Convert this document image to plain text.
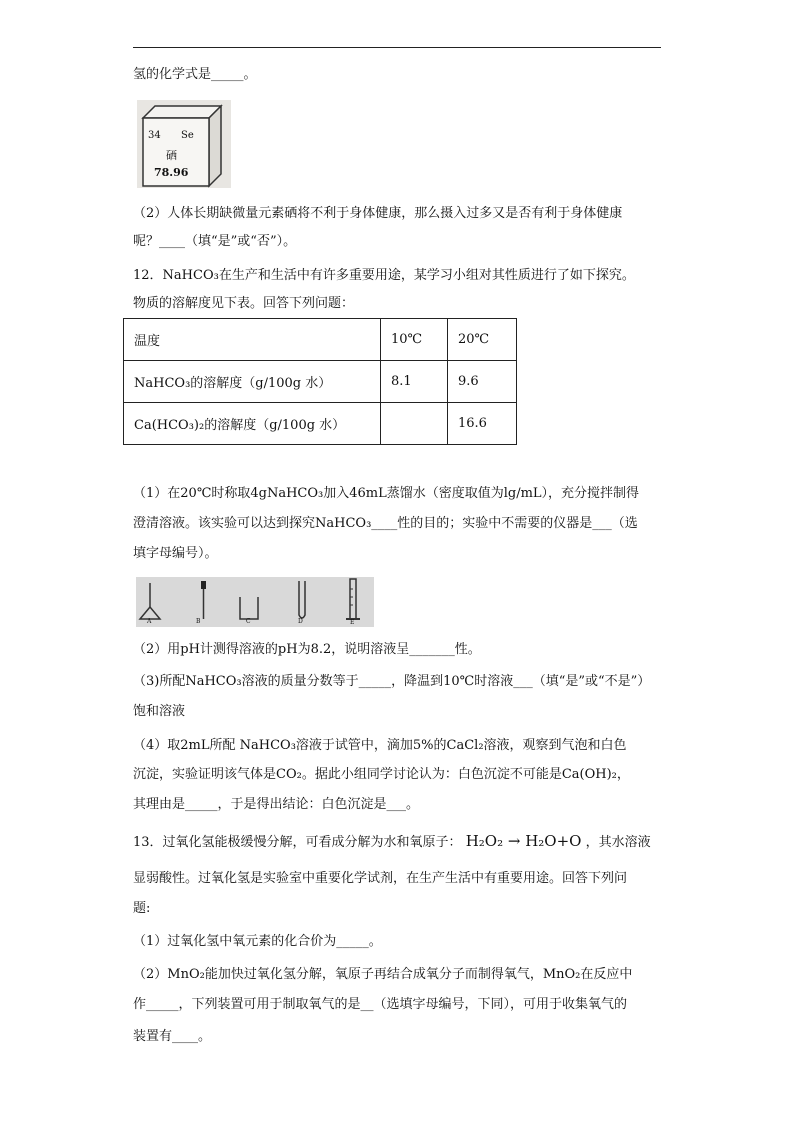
氢的化学式是_____。
34 Se
硒
78.96
（2）人体长期缺微量元素硒将不利于身体健康，那么摄入过多又是否有利于身体健康
呢？____（填“是”或“否”）。
12．NaHCO₃在生产和生活中有许多重要用途，某学习小组对其性质进行了如下探究。
物质的溶解度见下表。回答下列问题：
温度	10℃	20℃
NaHCO₃的溶解度（g/100g 水）	8.1	9.6
Ca(HCO₃)₂的溶解度（g/100g 水）		16.6
（1）在20℃时称取4gNaHCO₃加入46mL蒸馏水（密度取值为lg/mL），充分搅拌制得
澄清溶液。该实验可以达到探究NaHCO₃____性的目的；实验中不需要的仪器是___（选
填字母编号）。
A	B	C	D	E
（2）用pH计测得溶液的pH为8.2，说明溶液呈_______性。
（3)所配NaHCO₃溶液的质量分数等于_____，降温到10℃时溶液___（填“是”或“不是”）
饱和溶液
（4）取2mL所配 NaHCO₃溶液于试管中，滴加5%的CaCl₂溶液，观察到气泡和白色
沉淀，实验证明该气体是CO₂。据此小组同学讨论认为：白色沉淀不可能是Ca(OH)₂，
其理由是_____，于是得出结论：白色沉淀是___。
13．过氧化氢能极缓慢分解，可看成分解为水和氧原子： H₂O₂ → H₂O+O ，其水溶液
显弱酸性。过氧化氢是实验室中重要化学试剂，在生产生活中有重要用途。回答下列问
题:
（1）过氧化氢中氧元素的化合价为_____。
（2）MnO₂能加快过氧化氢分解，氧原子再结合成氧分子而制得氧气，MnO₂在反应中
作_____，下列装置可用于制取氧气的是__（选填字母编号，下同），可用于收集氧气的
装置有____。
